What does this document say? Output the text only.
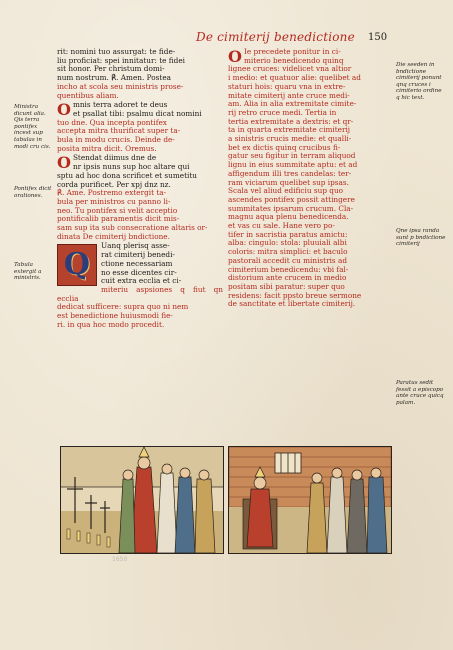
De cimiterij benedictione 150
Ministra dicunt alia. Qis terra pontifex incest sup tabulas in modi cru cis.
Pontifex dicit orationes.
Tabula extergit a ministris.
Die seeden in bndictione cimiterij ponunt qnq cruces i cimiterio ordine q hic text.
Qne ipsa randa sunt p bndictione cimiterij
Paratus sedit fessit a episcopo ante cruce quicq palam.

rit: nomini tuo assurgat: te fide-
liu proficiat: spei innitatur: te fidei
sit honor. Per christum domi-
num nostrum. ℟. Amen. Postea
incho at scola seu ministris prose-
quentibus aliam.

O mnis terra adoret te deus
et psallat tibi: psalmu dicat nomini
tuo dne. Qua incepta pontifex
accepta mitra thurificat super ta-
bula in modu crucis. Deinde de-
posita mitra dicit. Oremus.

O Stendat diimus dne de
nr ipsis nuns sup hoc altare qui
sptu ad hoc dona scrificet et sumetitu
corda purificet. Per xpj dnz nz.
℟. Ame. Postremo extergit ta-
bula per ministros cu panno li-
neo. Tu pontifex si velit acceptio
pontificalib paramentis dicit mis-
sam sup ita sub consecratione altaris or-
dinata De cimiterij bndictione.

Q
Uanq plerisq asse-
rat cimiterij benedi-
ctione necessariam
no esse dicentes cir-
cuit extra ecclia et ci-
miteriu aspsiones q fiut qn ecclia
dedicat sufficere: supra quo ni nem
est benedictione huiusmodi fie-
ri. in qua hoc modo procedit.

O Ie precedete ponitur in ci-
miterio benedicendo quinq
lignee cruces: videlicet vna altior
i medio: et quatuor alie: quelibet ad
staturi hois: quaru vna in extre-
mitate cimiterij ante cruce medi-
am. Alia in alia extremitate cimite-
rij retro cruce medi. Tertia in
tertia extremitate a dextris: et qr-
ta in quarta extremitate cimiterij
a sinistris crucis medie: et qualli-
bet ex dictis quinq crucibus fi-
gatur seu figitur in terram aliquod
lignu in eius summitate aptu: et ad
affigendum illi tres candelas: ter-
ram viciarum quelibet sup ipsas.
Scala vel aliud edificiu sup quo
ascendes pontifex possit attingere
summitates ipsarum crucum. Cla-
magnu aqua plenu benedicenda.
et vas cu sale. Hane vero po-
tifer in sacristia paratus amictu:
alba: cingulo: stola: pluuiali albi
coloris: mitra simplici: et baculo
pastorali accedit cu ministris ad
cimiterium benedicendu: vbi fal-
distorium ante crucem in medio
positam sibi paratur: super quo
residens: facit ppsto breue sermone
de sanctitate et libertate cimiterij.

1650
